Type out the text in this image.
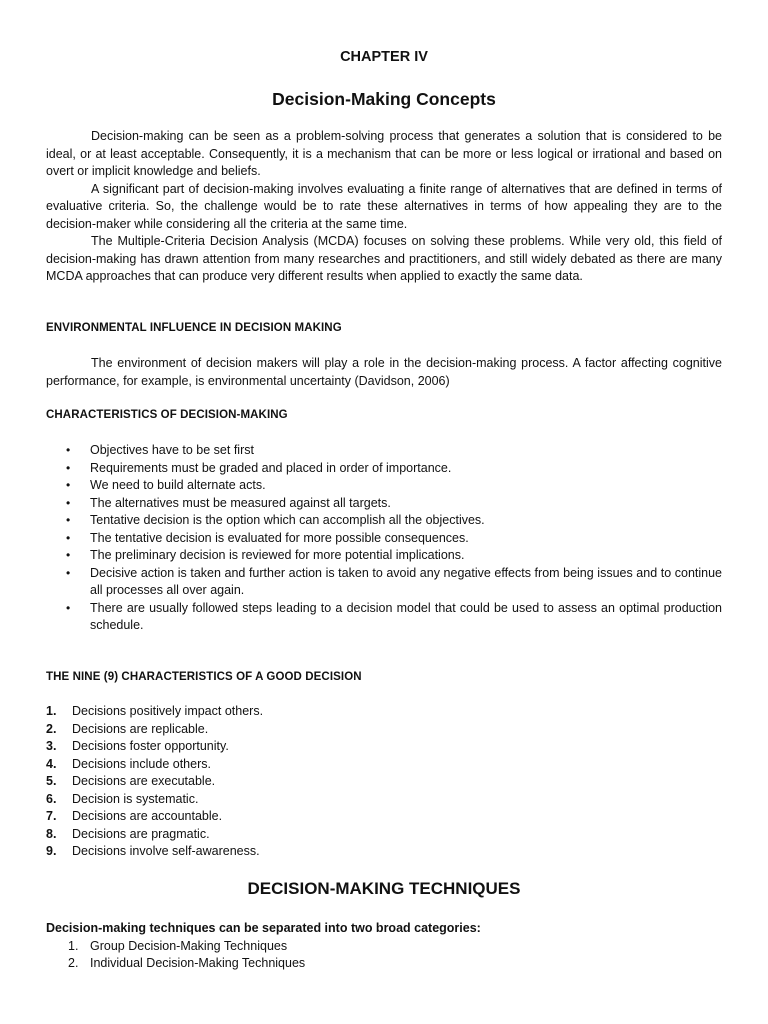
CHAPTER IV
Decision-Making Concepts

Decision-making can be seen as a problem-solving process that generates a solution that is considered to be ideal, or at least acceptable. Consequently, it is a mechanism that can be more or less logical or irrational and based on overt or implicit knowledge and beliefs.

A significant part of decision-making involves evaluating a finite range of alternatives that are defined in terms of evaluative criteria. So, the challenge would be to rate these alternatives in terms of how appealing they are to the decision-maker while considering all the criteria at the same time.

The Multiple-Criteria Decision Analysis (MCDA) focuses on solving these problems. While very old, this field of decision-making has drawn attention from many researches and practitioners, and still widely debated as there are many MCDA approaches that can produce very different results when applied to exactly the same data.

ENVIRONMENTAL INFLUENCE IN DECISION MAKING

The environment of decision makers will play a role in the decision-making process. A factor affecting cognitive performance, for example, is environmental uncertainty (Davidson, 2006)

CHARACTERISTICS OF DECISION-MAKING
• Objectives have to be set first
• Requirements must be graded and placed in order of importance.
• We need to build alternate acts.
• The alternatives must be measured against all targets.
• Tentative decision is the option which can accomplish all the objectives.
• The tentative decision is evaluated for more possible consequences.
• The preliminary decision is reviewed for more potential implications.
• Decisive action is taken and further action is taken to avoid any negative effects from being issues and to continue all processes all over again.
• There are usually followed steps leading to a decision model that could be used to assess an optimal production schedule.
THE NINE (9) CHARACTERISTICS OF A GOOD DECISION
1. Decisions positively impact others.
2. Decisions are replicable.
3. Decisions foster opportunity.
4. Decisions include others.
5. Decisions are executable.
6. Decision is systematic.
7. Decisions are accountable.
8. Decisions are pragmatic.
9. Decisions involve self-awareness.
DECISION-MAKING TECHNIQUES
Decision-making techniques can be separated into two broad categories:
1. Group Decision-Making Techniques
2. Individual Decision-Making Techniques
